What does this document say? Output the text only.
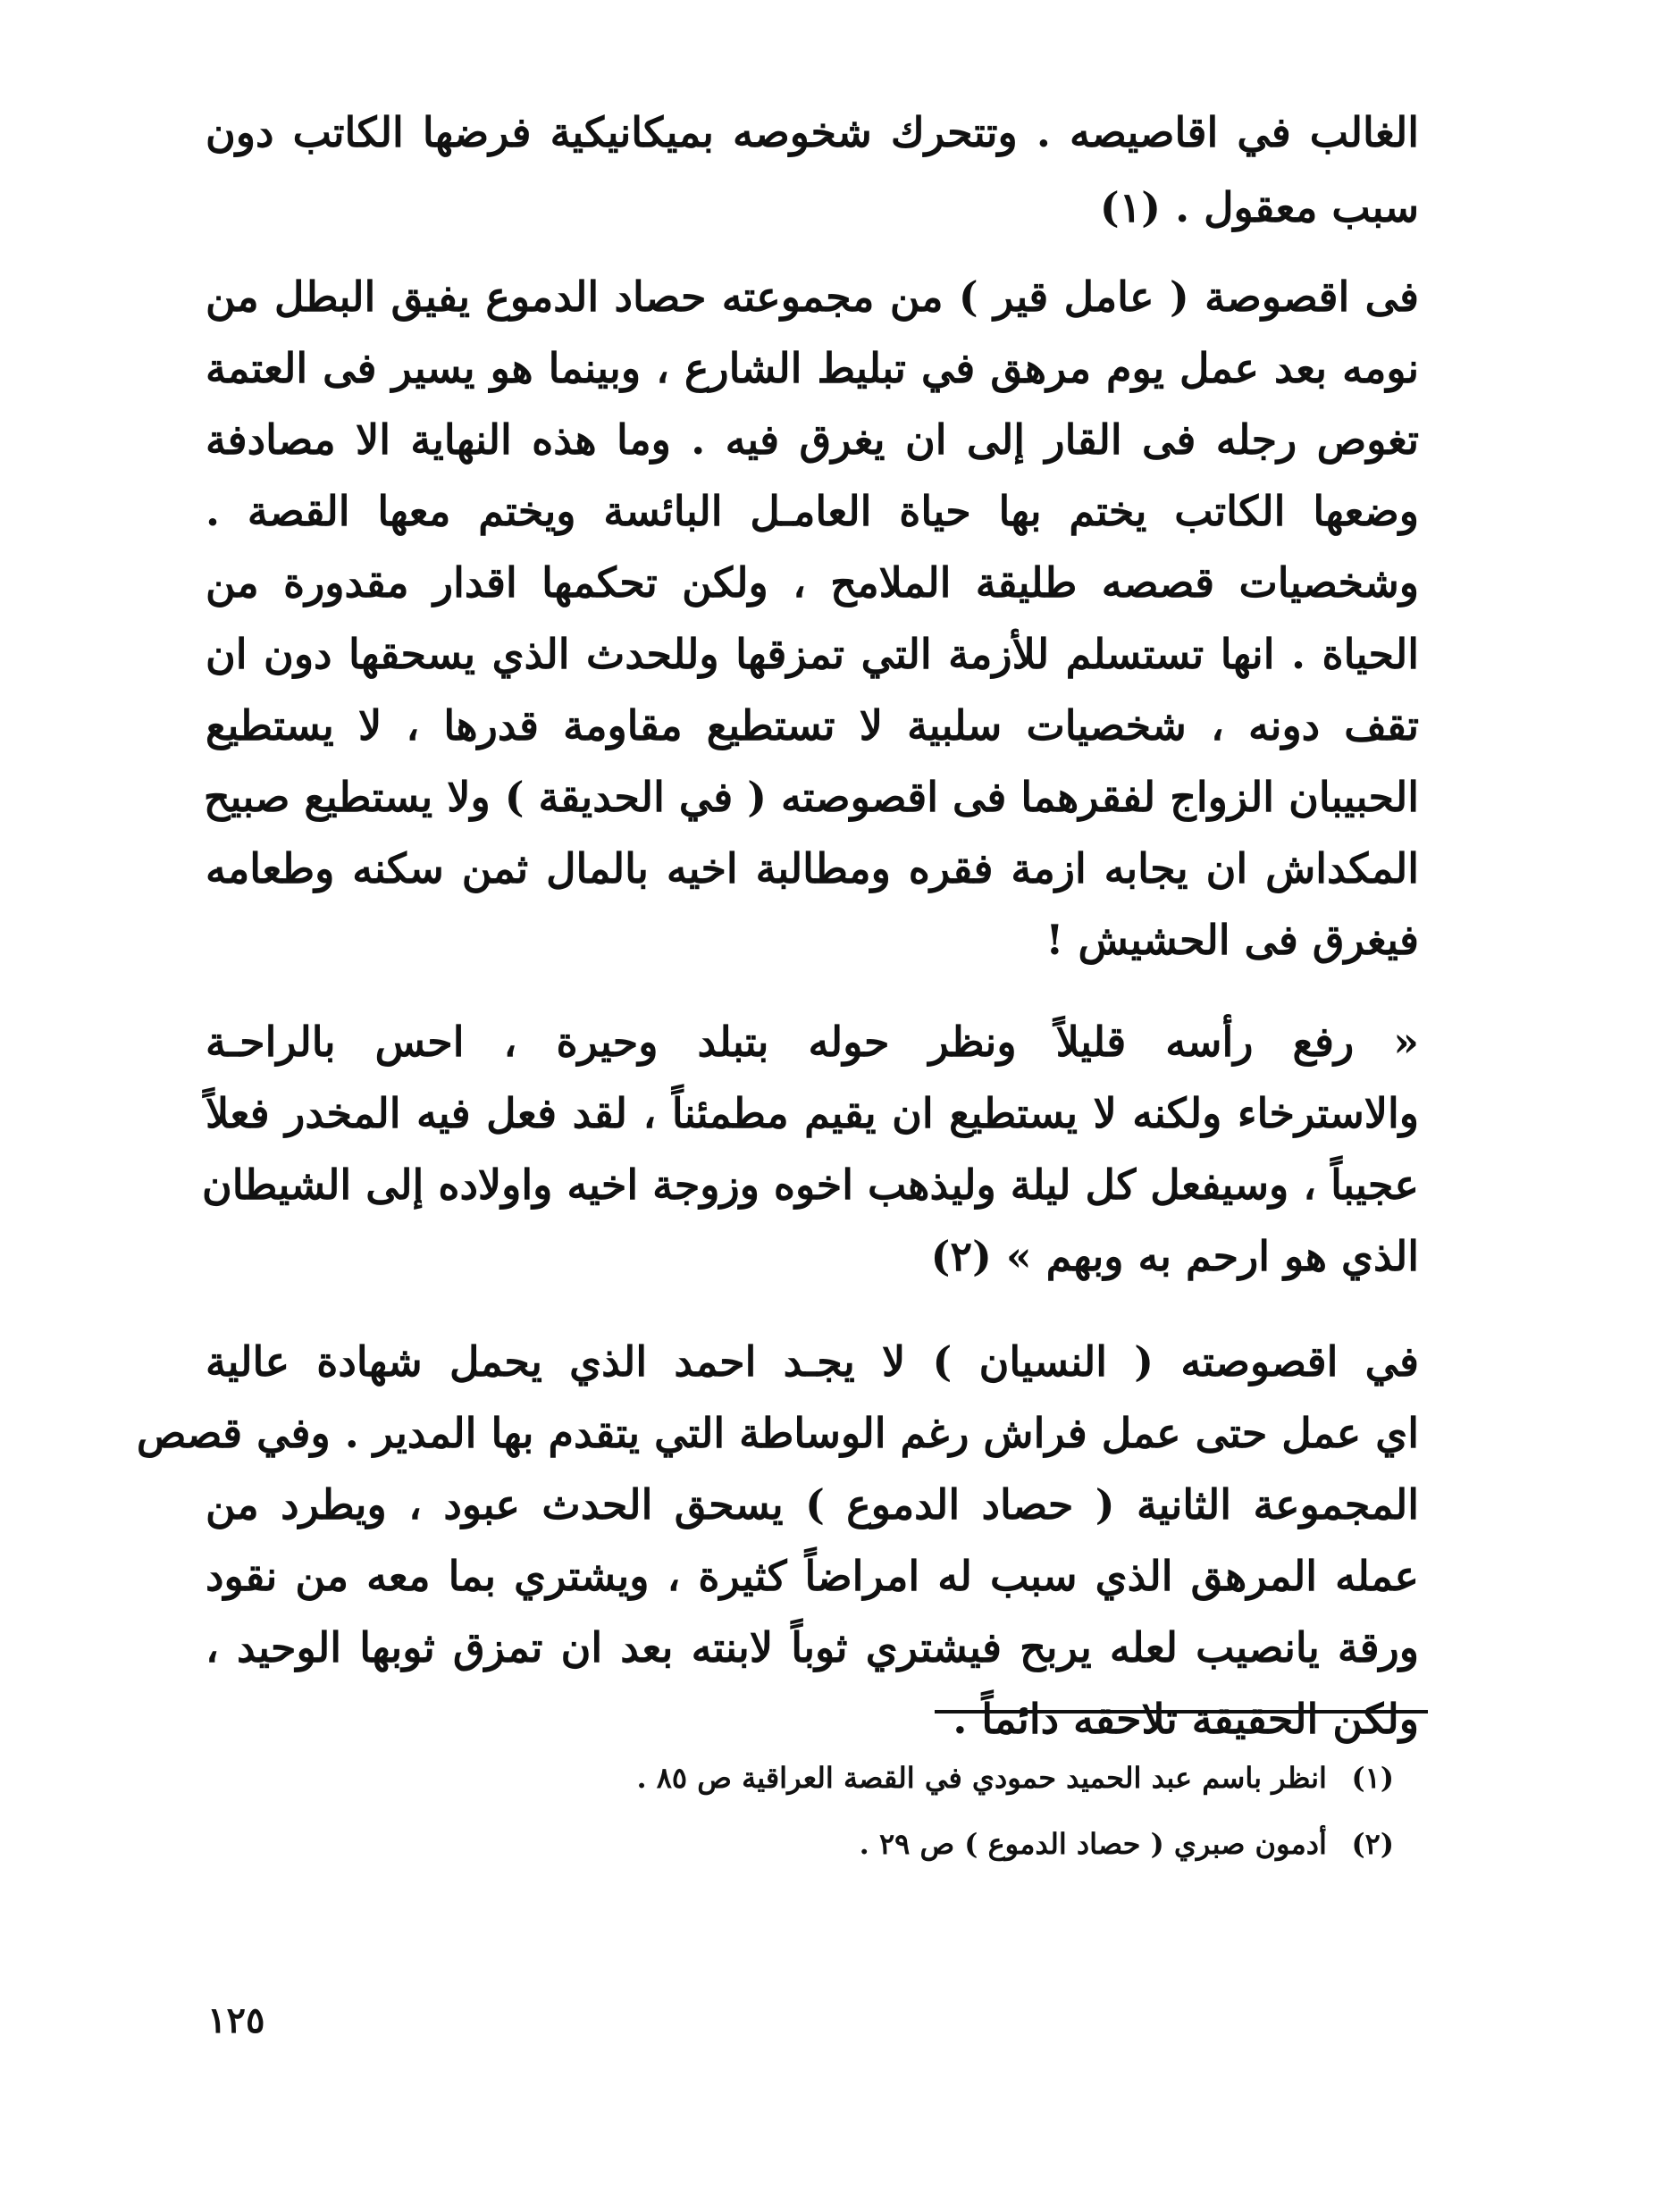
الغالب في اقاصيصه . وتتحرك شخوصه بميكانيكية فرضها الكاتب دون
سبب معقول . (١)
فى اقصوصة ( عامل قير ) من مجموعته حصاد الدموع يفيق البطل من
نومه بعد عمل يوم مرهق في تبليط الشارع ، وبينما هو يسير فى العتمة
تغوص رجله فى القار إلى ان يغرق فيه . وما هذه النهاية الا مصادفة
وضعها الكاتب يختم بها حياة العامـل البائسة ويختم معها القصة .
وشخصيات قصصه طليقة الملامح ، ولكن تحكمها اقدار مقدورة من
الحياة . انها تستسلم للأزمة التي تمزقها وللحدث الذي يسحقها دون ان
تقف دونه ، شخصيات سلبية لا تستطيع مقاومة قدرها ، لا يستطيع
الحبيبان الزواج لفقرهما فى اقصوصته ( في الحديقة ) ولا يستطيع صبيح
المكداش ان يجابه ازمة فقره ومطالبة اخيه بالمال ثمن سكنه وطعامه
فيغرق فى الحشيش !
« رفع رأسه قليلاً ونظر حوله بتبلد وحيرة ، احس بالراحـة
والاسترخاء ولكنه لا يستطيع ان يقيم مطمئناً ، لقد فعل فيه المخدر فعلاً
عجيباً ، وسيفعل كل ليلة وليذهب اخوه وزوجة اخيه واولاده إلى الشيطان
الذي هو ارحم به وبهم » (٢)
في اقصوصته ( النسيان ) لا يجـد احمد الذي يحمل شهادة عالية
اي عمل حتى عمل فراش رغم الوساطة التي يتقدم بها المدير . وفي قصص
المجموعة الثانية ( حصاد الدموع ) يسحق الحدث عبود ، ويطرد من
عمله المرهق الذي سبب له امراضاً كثيرة ، ويشتري بما معه من نقود
ورقة يانصيب لعله يربح فيشتري ثوباً لابنته بعد ان تمزق ثوبها الوحيد ،
ولكن الحقيقة تلاحقه دائماً .
(١) انظر باسم عبد الحميد حمودي في القصة العراقية ص ٨٥ .
(٢) أدمون صبري ( حصاد الدموع ) ص ٢٩ .
١٢٥
